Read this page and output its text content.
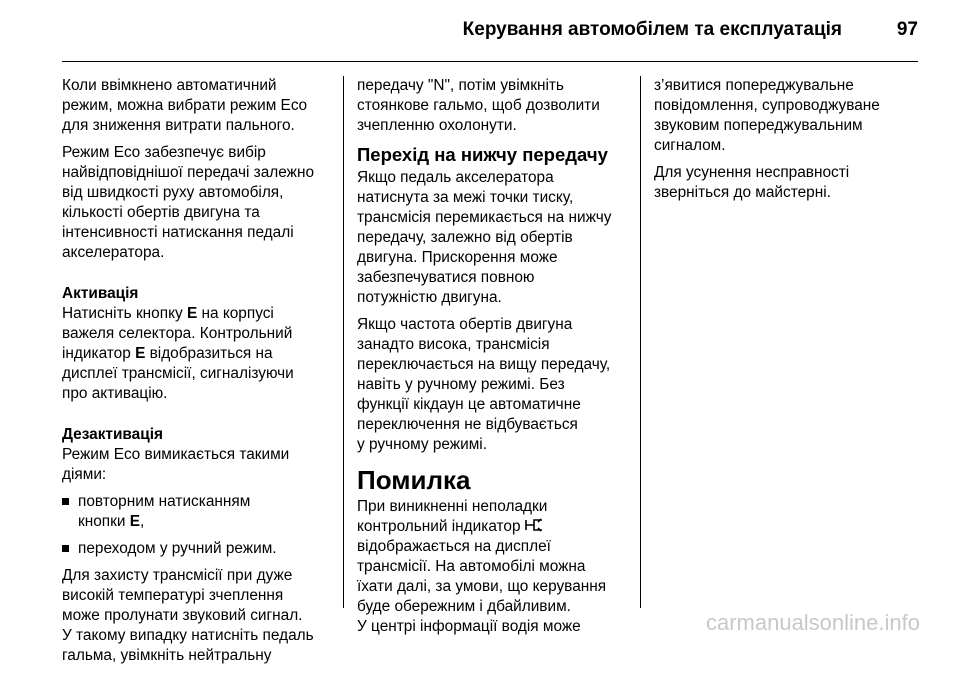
Керування автомобілем та експлуатація	97
Коли ввімкнено автоматичний
режим, можна вибрати режим Eco
для зниження витрати пального.
Режим Eco забезпечує вибір
найвідповіднішої передачі залежно
від швидкості руху автомобіля,
кількості обертів двигуна та
інтенсивності натискання педалі
акселератора.
Активація
Натисніть кнопку E на корпусі
важеля селектора. Контрольний
індикатор E відобразиться на
дисплеї трансмісії, сигналізуючи
про активацію.
Дезактивація
Режим Eco вимикається такими
діями:
повторним натисканням
кнопки E,
переходом у ручний режим.
Для захисту трансмісії при дуже
високій температурі зчеплення
може пролунати звуковий сигнал.
У такому випадку натисніть педаль
гальма, увімкніть нейтральну
передачу "N", потім увімкніть
стоянкове гальмо, щоб дозволити
зчепленню охолонути.
Перехід на нижчу передачу
Якщо педаль акселератора
натиснута за межі точки тиску,
трансмісія перемикається на нижчу
передачу, залежно від обертів
двигуна. Прискорення може
забезпечуватися повною
потужністю двигуна.
Якщо частота обертів двигуна
занадто висока, трансмісія
переключається на вищу передачу,
навіть у ручному режимі. Без
функції кікдаун це автоматичне
переключення не відбувається
у ручному режимі.
Помилка
При виникненні неполадки
контрольний індикатор
відображається на дисплеї
трансмісії. На автомобілі можна
їхати далі, за умови, що керування
буде обережним і дбайливим.
У центрі інформації водія може
з’явитися попереджувальне
повідомлення, супроводжуване
звуковим попереджувальним
сигналом.
Для усунення несправності
зверніться до майстерні.
carmanualsonline.info
